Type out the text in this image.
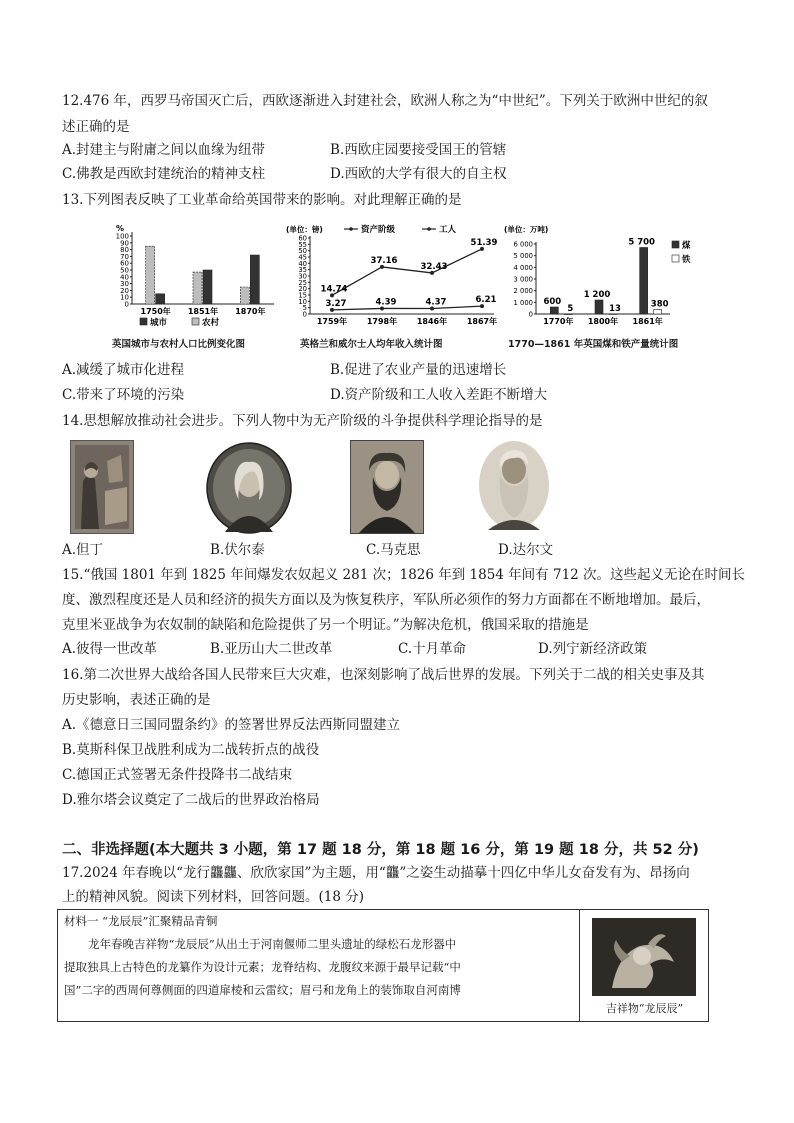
12.476 年，西罗马帝国灭亡后，西欧逐渐进入封建社会，欧洲人称之为“中世纪”。下列关于欧洲中世纪的叙
述正确的是
A.封建主与附庸之间以血缘为纽带	B.西欧庄园要接受国王的管辖
C.佛教是西欧封建统治的精神支柱	D.西欧的大学有很大的自主权
13.下列图表反映了工业革命给英国带来的影响。对此理解正确的是
%
0
10
20
30
40
50
60
70
80
90
100
1750年 1851年 1870年
城市	农村
(单位：镑)	资产阶级	工人
0
5
10
15
20
25
30
35
40
45
50
55
60
1759年 1798年 1846年 1867年
14.74
37.16
32.43
51.39
3.27	4.39	4.37	6.21
(单位：万吨)
0
1 000
2 000
3 000
4 000
5 000
6 000
600
5
1770年
1 200
13
1800年
5 700
380
1861年
煤
铁
英国城市与农村人口比例变化图	英格兰和威尔士人均年收入统计图	1770—1861 年英国煤和铁产量统计图
A.减缓了城市化进程	B.促进了农业产量的迅速增长
C.带来了环境的污染	D.资产阶级和工人收入差距不断增大
14.思想解放推动社会进步。下列人物中为无产阶级的斗争提供科学理论指导的是
A.但丁	B.伏尔泰	C.马克思	D.达尔文
15.“俄国 1801 年到 1825 年间爆发农奴起义 281 次；1826 年到 1854 年间有 712 次。这些起义无论在时间长
度、激烈程度还是人员和经济的损失方面以及为恢复秩序，军队所必须作的努力方面都在不断地增加。最后，
克里米亚战争为农奴制的缺陷和危险提供了另一个明证。”为解决危机，俄国采取的措施是
A.彼得一世改革	B.亚历山大二世改革	C.十月革命	D.列宁新经济政策
16.第二次世界大战给各国人民带来巨大灾难，也深刻影响了战后世界的发展。下列关于二战的相关史事及其
历史影响，表述正确的是
A.《德意日三国同盟条约》的签署世界反法西斯同盟建立
B.莫斯科保卫战胜利成为二战转折点的战役
C.德国正式签署无条件投降书二战结束
D.雅尔塔会议奠定了二战后的世界政治格局
二、非选择题(本大题共 3 小题，第 17 题 18 分，第 18 题 16 分，第 19 题 18 分，共 52 分)
17.2024 年春晚以“龙行龘龘、欣欣家国”为主题，用“龘”之姿生动描摹十四亿中华儿女奋发有为、昂扬向
上的精神风貌。阅读下列材料，回答问题。(18 分)
材料一 “龙辰辰”汇聚精品青铜
龙年春晚吉祥物“龙辰辰”从出土于河南偃师二里头遗址的绿松石龙形器中
提取独具上古特色的龙纂作为设计元素；龙脊结构、龙腹纹来源于最早记载“中
国”二字的西周何尊侧面的四道扉棱和云雷纹；眉弓和龙角上的装饰取自河南博
吉祥物“龙辰辰”
